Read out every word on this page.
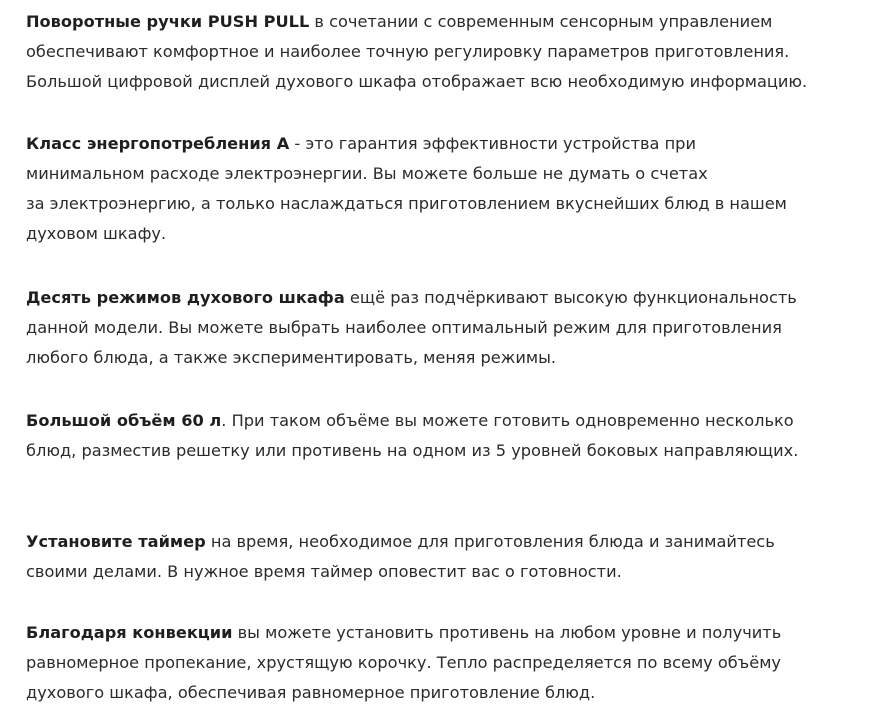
Поворотные ручки PUSH PULL в сочетании с современным сенсорным управлением
обеспечивают комфортное и наиболее точную регулировку параметров приготовления.
Большой цифровой дисплей духового шкафа отображает всю необходимую информацию.

Класс энергопотребления А - это гарантия эффективности устройства при
минимальном расходе электроэнергии. Вы можете больше не думать о счетах
за электроэнергию, а только наслаждаться приготовлением вкуснейших блюд в нашем
духовом шкафу.

Десять режимов духового шкафа ещё раз подчёркивают высокую функциональность
данной модели. Вы можете выбрать наиболее оптимальный режим для приготовления
любого блюда, а также экспериментировать, меняя режимы.

Большой объём 60 л. При таком объёме вы можете готовить одновременно несколько
блюд, разместив решетку или противень на одном из 5 уровней боковых направляющих.

Установите таймер на время, необходимое для приготовления блюда и занимайтесь
своими делами. В нужное время таймер оповестит вас о готовности.

Благодаря конвекции вы можете установить противень на любом уровне и получить
равномерное пропекание, хрустящую корочку. Тепло распределяется по всему объёму
духового шкафа, обеспечивая равномерное приготовление блюд.
